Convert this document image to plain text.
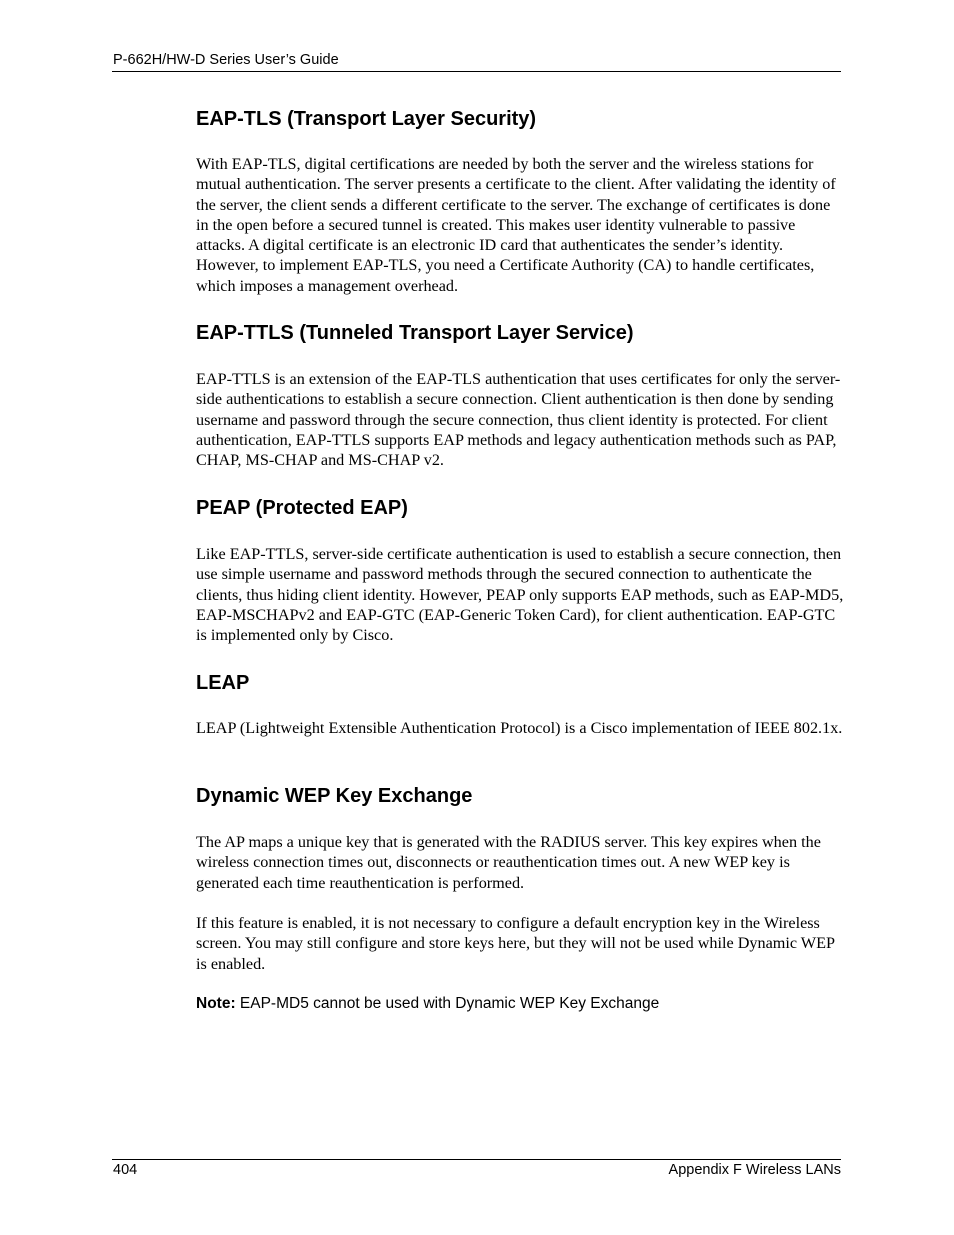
P-662H/HW-D Series User’s Guide
EAP-TLS (Transport Layer Security)

With EAP-TLS, digital certifications are needed by both the server and the wireless stations for mutual authentication. The server presents a certificate to the client. After validating the identity of the server, the client sends a different certificate to the server. The exchange of certificates is done in the open before a secured tunnel is created. This makes user identity vulnerable to passive attacks. A digital certificate is an electronic ID card that authenticates the sender’s identity. However, to implement EAP-TLS, you need a Certificate Authority (CA) to handle certificates, which imposes a management overhead.

EAP-TTLS (Tunneled Transport Layer Service)

EAP-TTLS is an extension of the EAP-TLS authentication that uses certificates for only the server-side authentications to establish a secure connection. Client authentication is then done by sending username and password through the secure connection, thus client identity is protected. For client authentication, EAP-TTLS supports EAP methods and legacy authentication methods such as PAP, CHAP, MS-CHAP and MS-CHAP v2.

PEAP (Protected EAP)

Like EAP-TTLS, server-side certificate authentication is used to establish a secure connection, then use simple username and password methods through the secured connection to authenticate the clients, thus hiding client identity. However, PEAP only supports EAP methods, such as EAP-MD5, EAP-MSCHAPv2 and EAP-GTC (EAP-Generic Token Card), for client authentication. EAP-GTC is implemented only by Cisco.

LEAP

LEAP (Lightweight Extensible Authentication Protocol) is a Cisco implementation of IEEE 802.1x.

Dynamic WEP Key Exchange

The AP maps a unique key that is generated with the RADIUS server. This key expires when the wireless connection times out, disconnects or reauthentication times out. A new WEP key is generated each time reauthentication is performed.

If this feature is enabled, it is not necessary to configure a default encryption key in the Wireless screen. You may still configure and store keys here, but they will not be used while Dynamic WEP is enabled.

Note: EAP-MD5 cannot be used with Dynamic WEP Key Exchange

404	Appendix F Wireless LANs
